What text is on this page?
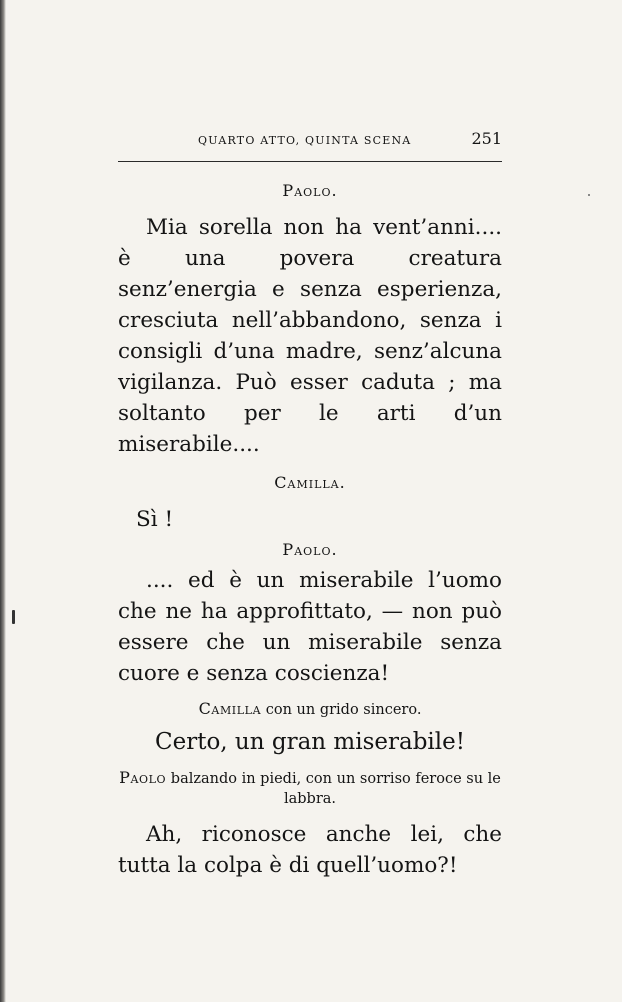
QUARTO ATTO, QUINTA SCENA	251
Paolo.

Mia sorella non ha vent’anni.... è una povera creatura senz’energia e senza esperienza, cresciuta nell’abbandono, senza i consigli d’una madre, senz’alcuna vigilanza. Può esser caduta ; ma soltanto per le arti d’un miserabile....

Camilla.
Sì !
Paolo.

.... ed è un miserabile l’uomo che ne ha approfittato, — non può essere che un miserabile senza cuore e senza coscienza!

Camilla con un grido sincero.
Certo, un gran miserabile!
Paolo balzando in piedi, con un sorriso feroce su le labbra.

Ah, riconosce anche lei, che tutta la colpa è di quell’uomo?!
